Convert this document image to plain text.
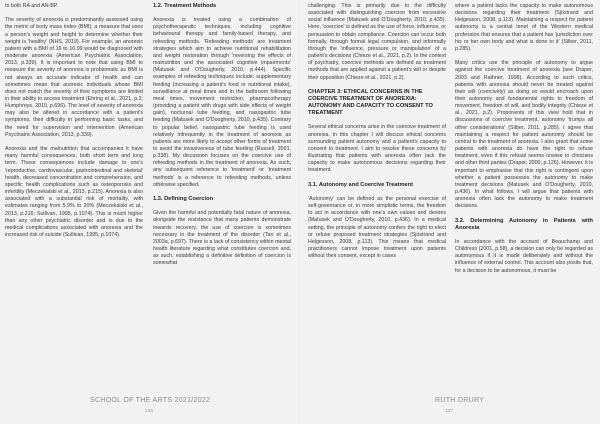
to both RA and AN-BP.

The severity of anorexia is predominantly assessed using the metric of body mass index (BMI); a measure that uses a person's weight and height to determine whether their weight is 'healthy' (NHS, 2019). For example, an anorexic patient with a BMI of 16 to 16.99 would be diagnosed with moderate anorexia (American Psychiatric Association, 2013, p.339). It is important to note that using BMI to measure the severity of anorexia is problematic as BMI is not always an accurate indicator of health and can sometimes mean that anorexic individuals whose BMI does not match the severity of their symptoms are limited in their ability to access treatment (Ehring et al., 2021, p.2; Humphreys, 2010, p.696). The level of severity of anorexia may also be altered in accordance with a patient's symptoms, their difficulty in performing basic tasks, and the need for supervision and intervention (American Psychiatric Association, 2013, p.339).

Anorexia and the malnutrition that accompanies it have many harmful consequences, both short term and long term. These consequences include damage to one's 'reproductive, cardiovascular, gastrointestinal and skeletal' health, decreased concentration and comprehension, and specific health complications such as osteoporosis and infertility (Meczekalski et al., 2013, p.215). Anorexia is also associated with a substantial risk of mortality, with estimates ranging from 5.9% to 20% (Meczekalski et al., 2013, p.216; Sullivan, 1995, p.1074). This is much higher than any other psychiatric disorder and is due to the medical complications associated with anorexia and the increased risk of suicide (Sullivan, 1995, p.1074).

1.2. Treatment Methods

Anorexia is treated using a combination of psychotherapeutic techniques, including cognitive behavioural therapy and family-based therapy, and refeeding methods. 'Refeeding methods' are treatment strategies which aim to achieve nutritional rehabilitation and weight restoration through 'reversing the effects of malnutrition and the associated cognitive impairments' (Matusek and O'Dougherty, 2010, p.444). Specific examples of refeeding techniques include: supplementary feeding (increasing a patient's food or nutritional intake), surveillance at meal times and in the bathroom following meal times, movement restriction, pharmacotherapy (providing a patient with drugs with side effects of weight gain), nocturnal tube feeding, and nasogastric tube feeding (Matusek and O'Dougherty, 2010, p.435). Contrary to popular belief, nasogastric tube feeding is used relatively infrequently in the treatment of anorexia as patients are more likely to accept other forms of treatment to avoid the invasiveness of tube feeding (Russell, 2001, p.338). My discussion focuses on the coercive use of refeeding methods in the treatment of anorexia. As such, any subsequent reference to 'treatment' or 'treatment methods' is a reference to refeeding methods, unless otherwise specified.

1.3. Defining Coercion

Given the harmful and potentially fatal nature of anorexia, alongside the resistance that many patients demonstrate towards recovery, the use of coercion is sometimes necessary in the treatment of the disorder (Tan et al., 2003a, p.697). There is a lack of consistency within mental health literature regarding what constitutes coercion and, as such, establishing a definitive definition of coercion is somewhat

SCHOOL OF THE ARTS 2021/2022
136
RUTH DRURY
137

challenging. This is primarily due to the difficulty associated with distinguishing coercion from excessive social influence (Matusek and O'Dougherty, 2010, p.435). Here, 'coercion' is defined as the use of force, influence, or persuasion to obtain compliance. Coercion can occur both formally, through formal legal compulsion, and informally through the 'influence, pressure or manipulation' of a patient's decisions (Chieze et al., 2021, p.2). In the context of psychiatry, coercive methods are defined as treatment methods that are applied against a patient's will or despite their opposition (Chieze et al., 2021, p.2).

CHAPTER 3: ETHICAL CONCERNS IN THE COERCIVE TREATMENT OF ANOREXIA: AUTONOMY AND CAPACITY TO CONSENT TO TREATMENT

Several ethical concerns arise in the coercive treatment of anorexia. In this chapter I will discuss ethical concerns surrounding patient autonomy and a patient's capacity to consent to treatment. I aim to resolve these concerns by illustrating that patients with anorexia often lack the capacity to make autonomous decisions regarding their treatment.

3.1. Autonomy and Coercive Treatment

'Autonomy' can be defined as the personal exercise of self-governance or, in more simplistic terms, the freedom to act in accordance with one's own values and desires (Matusek and O'Dougherty, 2010, p.436). In a medical setting, the principle of autonomy confers the right to elect or refuse proposed treatment strategies (Sjöstrand and Helgesson, 2008, p.113). This means that medical practitioners cannot impose treatment upon patients without their consent, except in cases

where a patient lacks the capacity to make autonomous decisions regarding their treatment (Sjöstrand and Helgesson, 2008, p.113). Maintaining a respect for patient autonomy is a central tenet of the Western medical profession that ensures that a patient has 'jurisdiction over his or her own body and what is done to it' (Silber, 2011, p.285).

Many critics use the principle of autonomy to argue against the coercive treatment of anorexia (see Draper, 2003 and Rathner, 1998). According to such critics, patients with anorexia should never be treated against their will (coercively) as doing so would encroach upon their autonomy and fundamental rights to freedom of movement, freedom of will, and bodily integrity (Chieze et al., 2021, p.2). Proponents of this view hold that in discussions of coercive treatment, autonomy 'trumps all other considerations' (Silber, 2011, p.285). I agree that maintaining a respect for patient autonomy should be central to the treatment of anorexia. I also grant that some patients with anorexia do have the right to refuse treatment, even if this refusal seems unwise to clinicians and other third parties (Draper, 2000, p.126). However, it is important to emphasise that this right is contingent upon whether a patient possesses the autonomy to make treatment decisions (Matusek and O'Dougherty, 2010, p.436). In what follows, I will argue that patients with anorexia often lack the autonomy to make treatment decisions.

3.2. Determining Autonomy in Patients with Anorexia

In accordance with the account of Beauchamp and Childress (2001, p.58), a decision can only be regarded as autonomous if it is made deliberately and without the influence of external control. This account also posits that, for a decision to be autonomous, it must be
